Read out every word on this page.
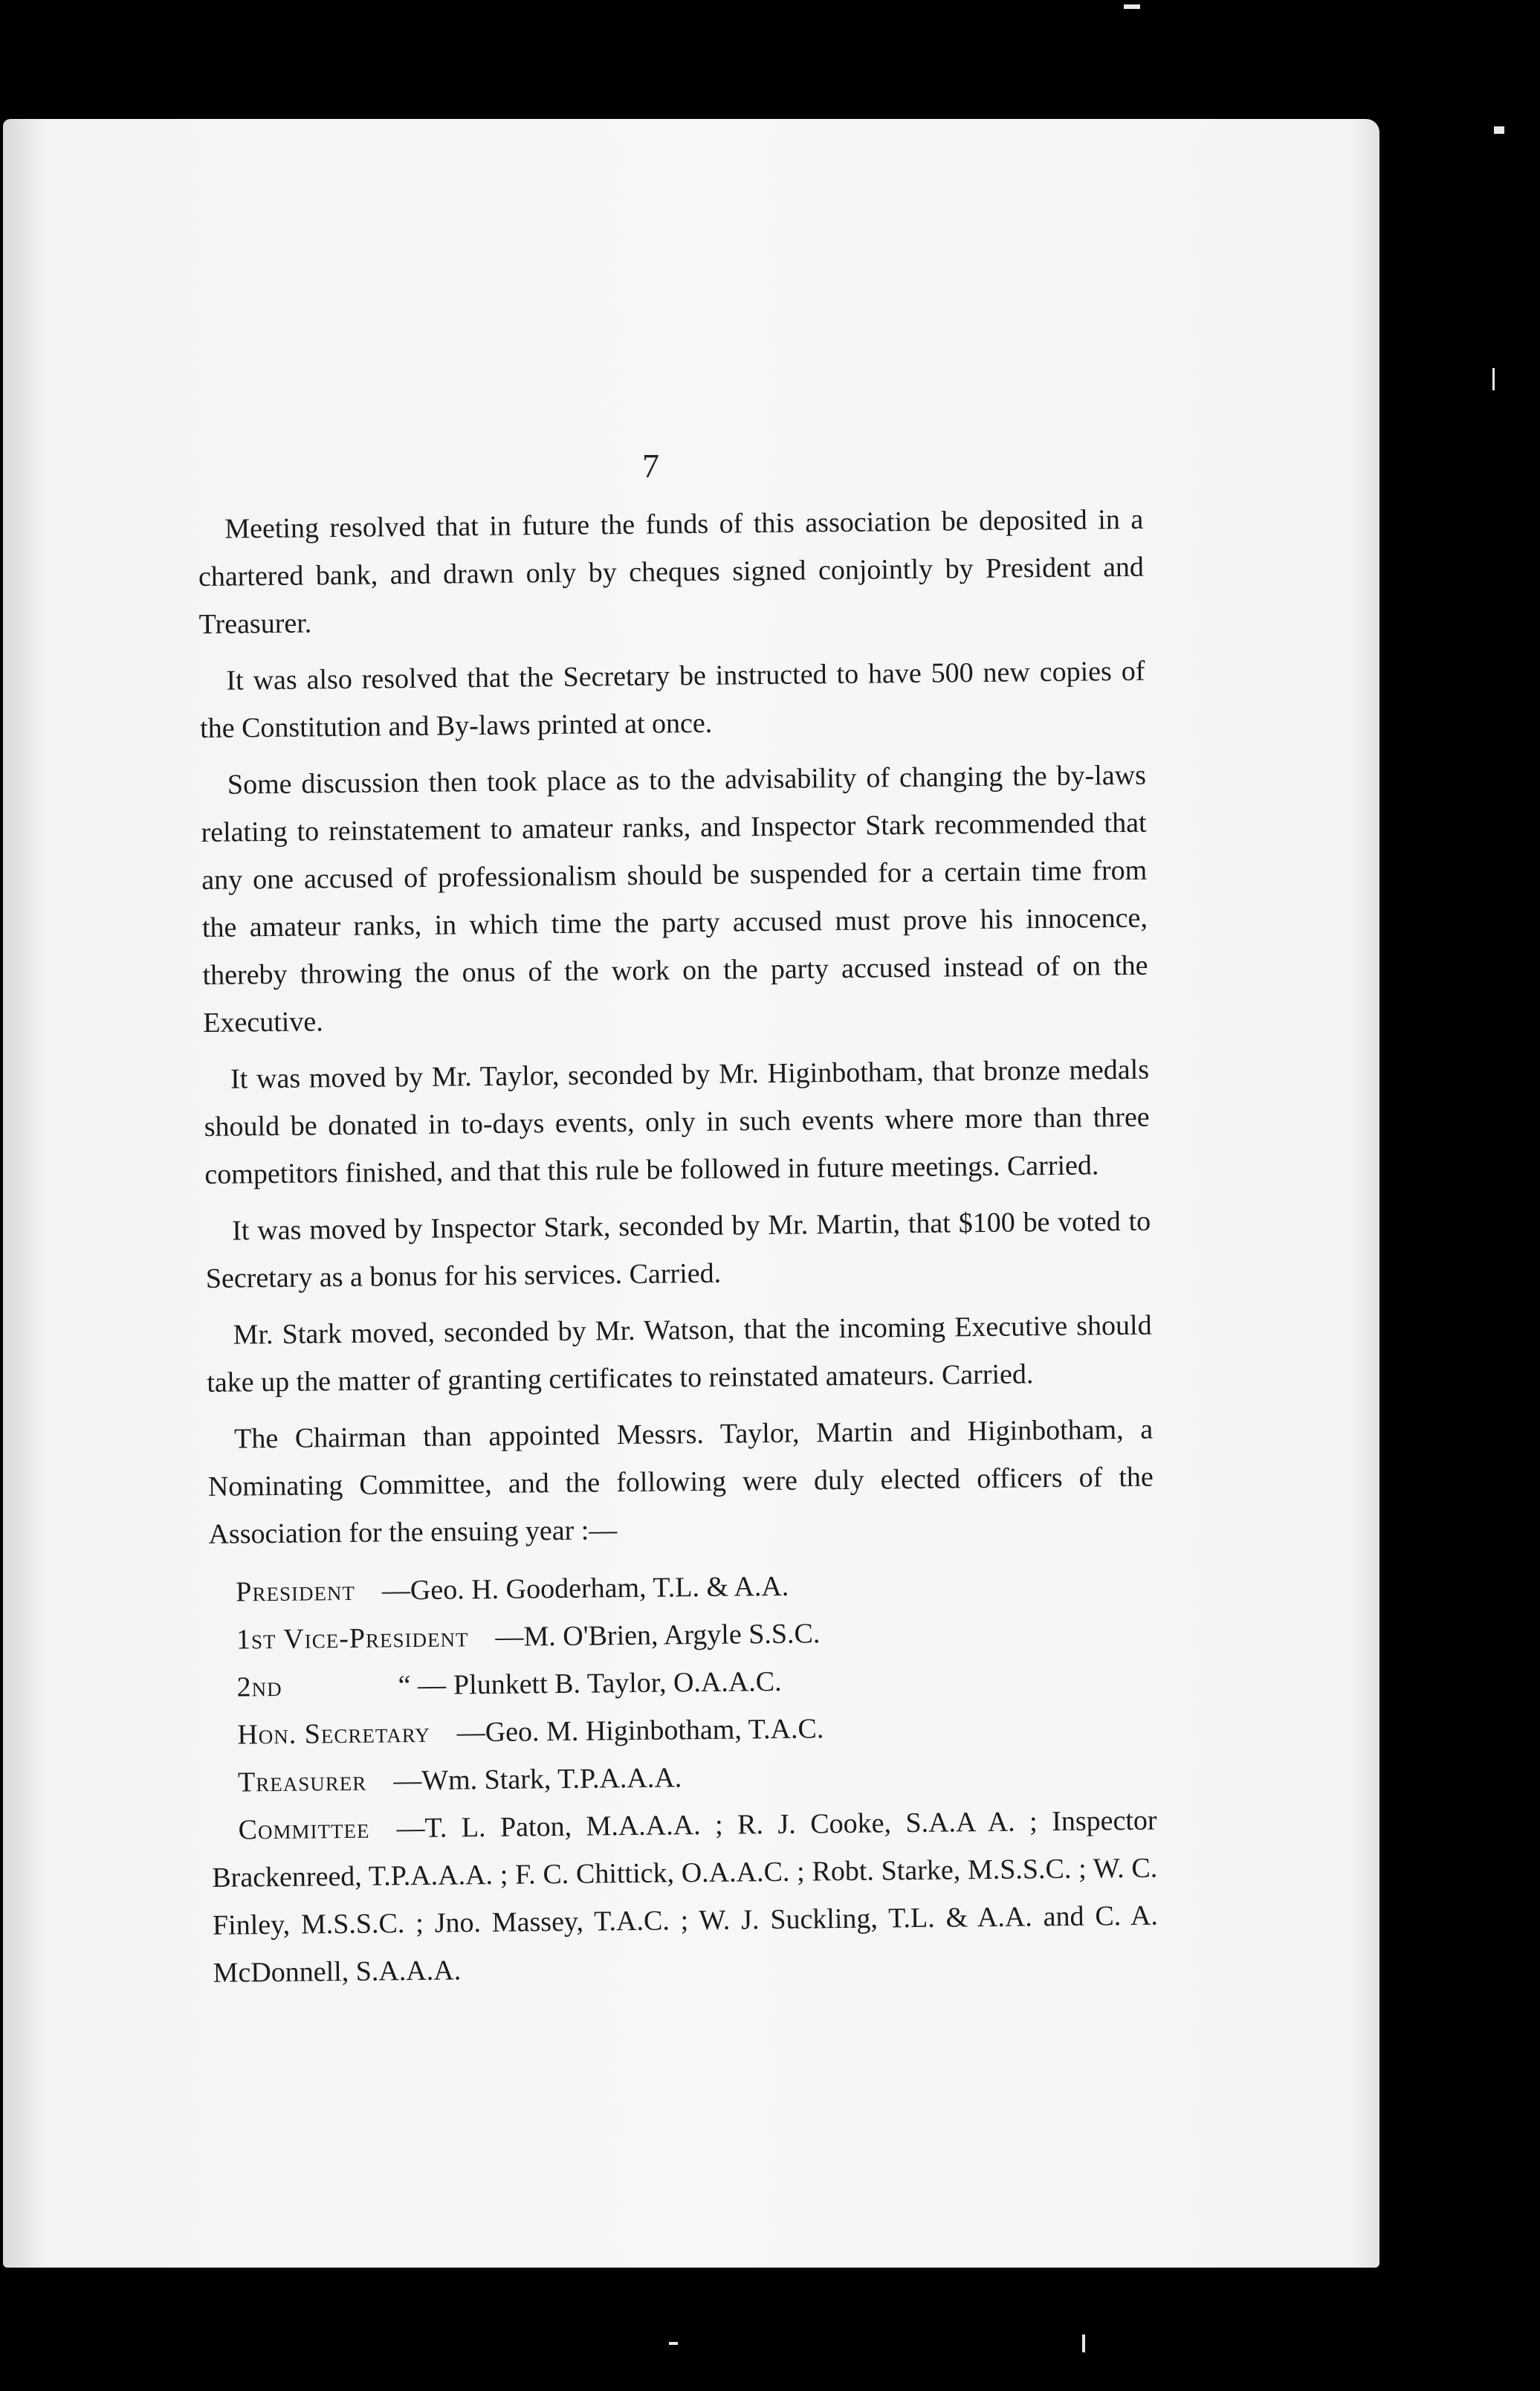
7

Meeting resolved that in future the funds of this association be deposited in a chartered bank, and drawn only by cheques signed conjointly by President and Treasurer.

It was also resolved that the Secretary be instructed to have 500 new copies of the Constitution and By-laws printed at once.

Some discussion then took place as to the advisability of changing the by-laws relating to reinstatement to amateur ranks, and Inspector Stark recommended that any one accused of professionalism should be suspended for a certain time from the amateur ranks, in which time the party accused must prove his innocence, thereby throwing the onus of the work on the party accused instead of on the Executive.

It was moved by Mr. Taylor, seconded by Mr. Higinbotham, that bronze medals should be donated in to-days events, only in such events where more than three competitors finished, and that this rule be followed in future meetings. Carried.

It was moved by Inspector Stark, seconded by Mr. Martin, that $100 be voted to Secretary as a bonus for his services. Carried.

Mr. Stark moved, seconded by Mr. Watson, that the incoming Executive should take up the matter of granting certificates to reinstated amateurs. Carried.

The Chairman than appointed Messrs. Taylor, Martin and Higinbotham, a Nominating Committee, and the following were duly elected officers of the Association for the ensuing year :—

President —Geo. H. Gooderham, T.L. & A.A.

1st Vice-President —M. O'Brien, Argyle S.S.C.

2nd	“ — Plunkett B. Taylor, O.A.A.C.

Hon. Secretary —Geo. M. Higinbotham, T.A.C.

Treasurer —Wm. Stark, T.P.A.A.A.

Committee —T. L. Paton, M.A.A.A. ; R. J. Cooke, S.A.A A. ; Inspector Brackenreed, T.P.A.A.A. ; F. C. Chittick, O.A.A.C. ; Robt. Starke, M.S.S.C. ; W. C. Finley, M.S.S.C. ; Jno. Massey, T.A.C. ; W. J. Suckling, T.L. & A.A. and C. A. McDonnell, S.A.A.A.
